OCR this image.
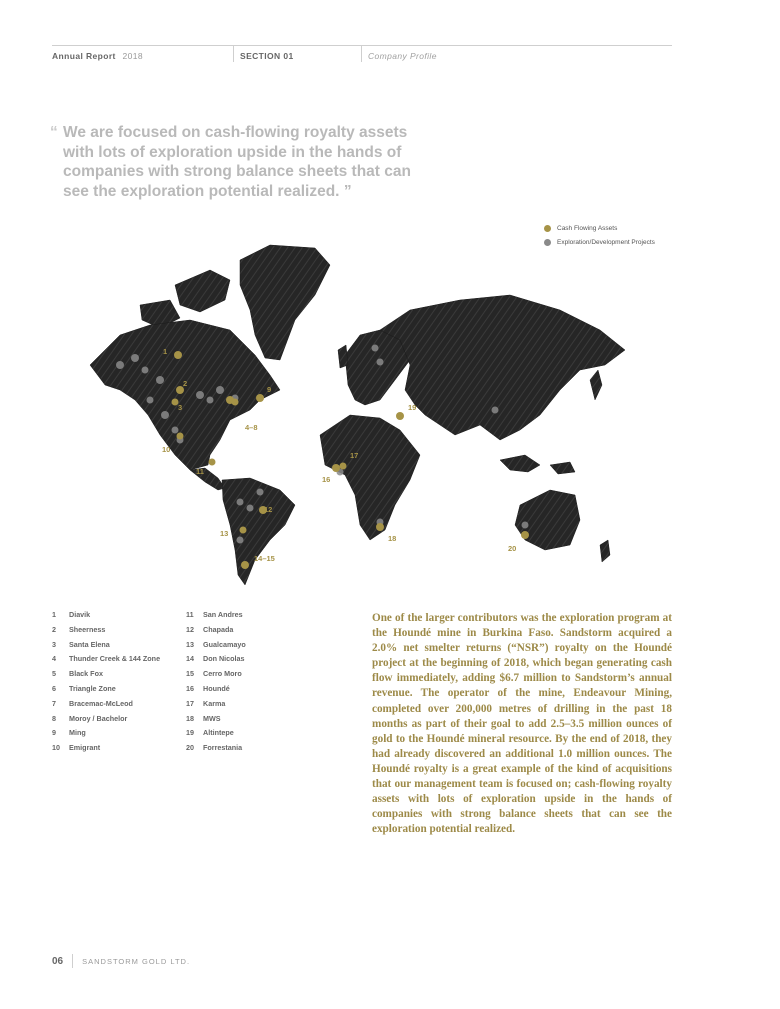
Annual Report 2018	SECTION 01	Company Profile
“ We are focused on cash-flowing royalty assets
with lots of exploration upside in the hands of
companies with strong balance sheets that can
see the exploration potential realized. ”
Cash Flowing Assets
Exploration/Development Projects
1
2
3
9
4–8
10
11
12
13
14–15
16
17
18
19
20
1	Diavik
2	Sheerness
3	Santa Elena
4	Thunder Creek & 144 Zone
5	Black Fox
6	Triangle Zone
7	Bracemac-McLeod
8	Moroy / Bachelor
9	Ming
10	Emigrant
11	San Andres
12	Chapada
13	Gualcamayo
14	Don Nicolas
15	Cerro Moro
16	Houndé
17	Karma
18	MWS
19	Altintepe
20	Forrestania
One of the larger contributors was the exploration program at the Houndé mine in Burkina Faso. Sandstorm acquired a 2.0% net smelter returns (“NSR”) royalty on the Houndé project at the beginning of 2018, which began generating cash flow immediately, adding $6.7 million to Sandstorm’s annual revenue. The operator of the mine, Endeavour Mining, completed over 200,000 metres of drilling in the past 18 months as part of their goal to add 2.5–3.5 million ounces of gold to the Houndé mineral resource. By the end of 2018, they had already discovered an additional 1.0 million ounces. The Houndé royalty is a great example of the kind of acquisitions that our management team is focused on; cash-flowing royalty assets with lots of exploration upside in the hands of companies with strong balance sheets that can see the exploration potential realized.
06	SANDSTORM GOLD LTD.
